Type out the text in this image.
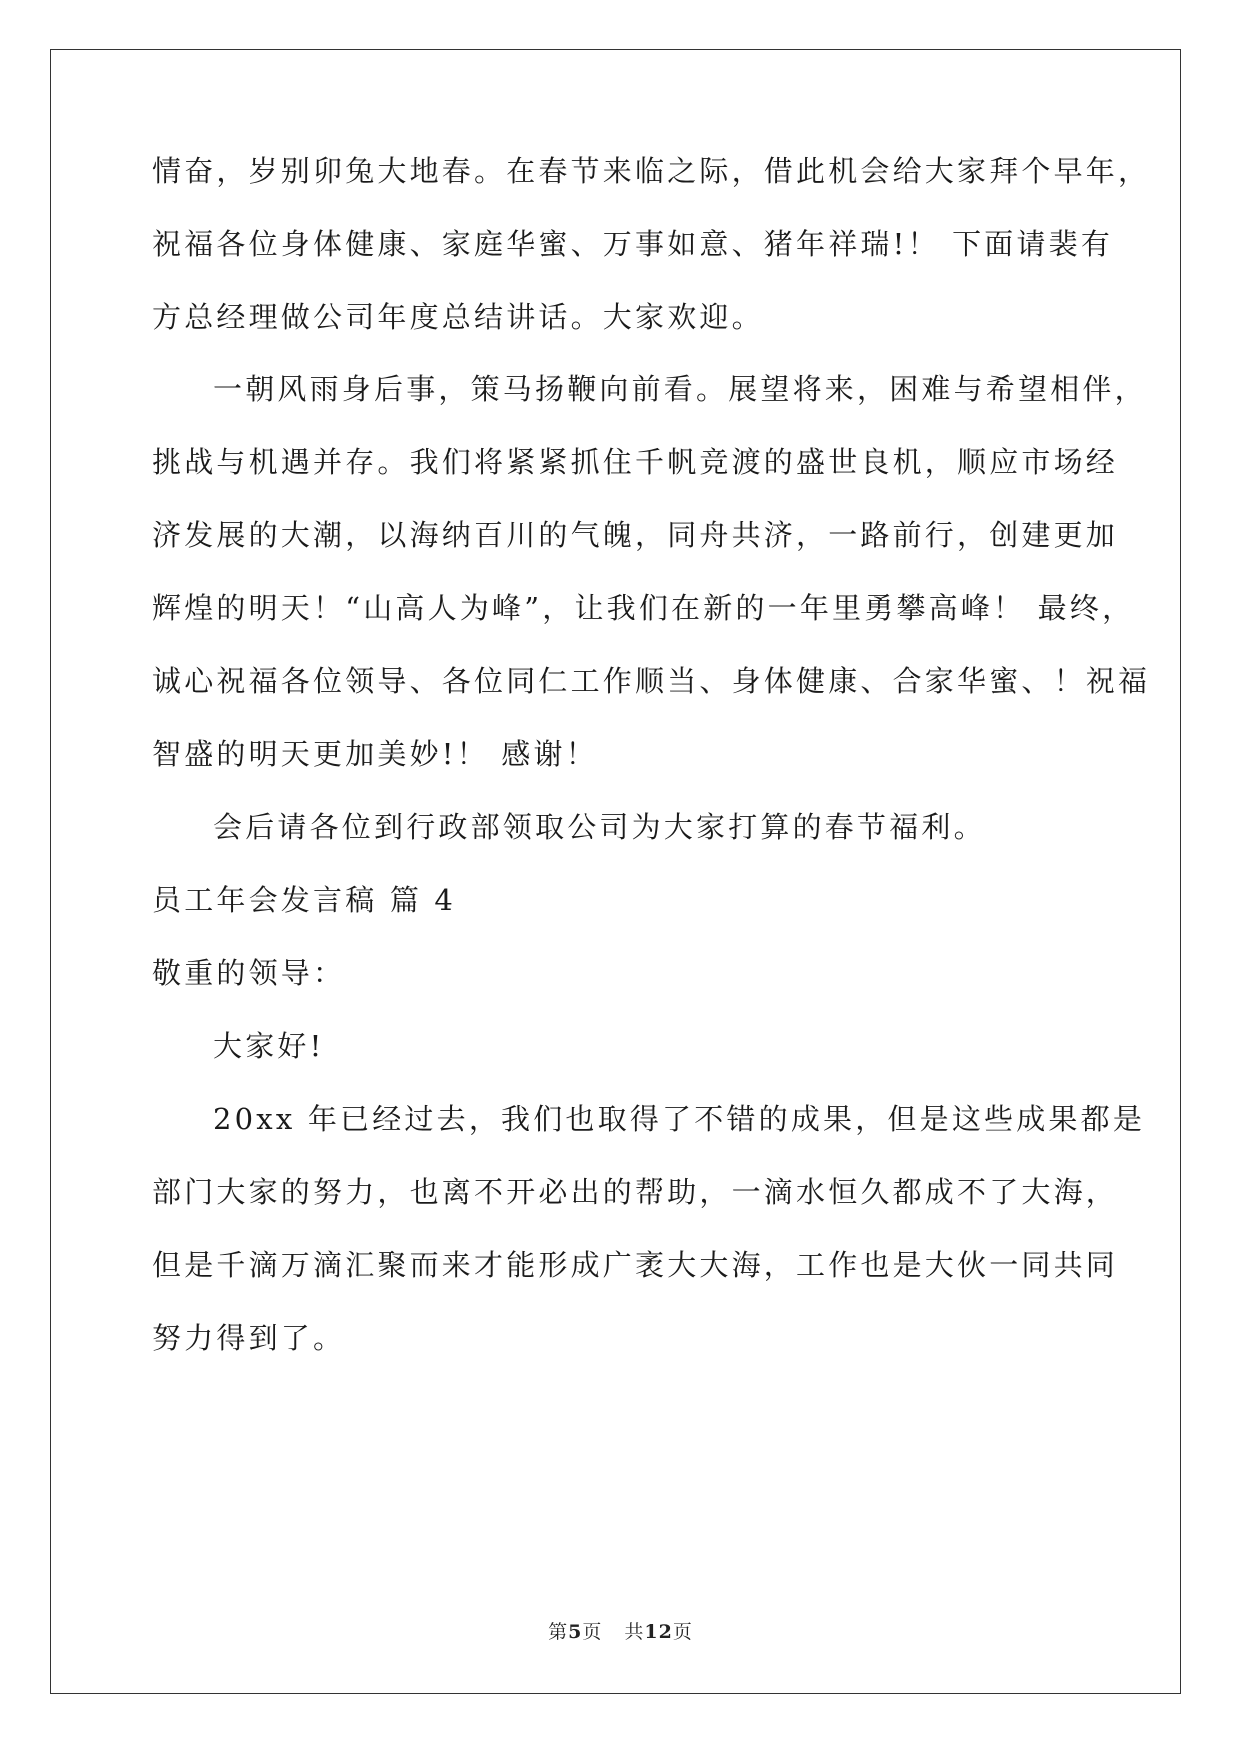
情奋，岁别卯兔大地春。在春节来临之际，借此机会给大家拜个早年，
祝福各位身体健康、家庭华蜜、万事如意、猪年祥瑞!！ 下面请裴有
方总经理做公司年度总结讲话。大家欢迎。
一朝风雨身后事，策马扬鞭向前看。展望将来，困难与希望相伴，
挑战与机遇并存。我们将紧紧抓住千帆竞渡的盛世良机，顺应市场经
济发展的大潮，以海纳百川的气魄，同舟共济，一路前行，创建更加
辉煌的明天！“山高人为峰”，让我们在新的一年里勇攀高峰！ 最终，
诚心祝福各位领导、各位同仁工作顺当、身体健康、合家华蜜、！祝福
智盛的明天更加美妙!！ 感谢！
会后请各位到行政部领取公司为大家打算的春节福利。
员工年会发言稿 篇 4
敬重的领导：
大家好!
20xx 年已经过去，我们也取得了不错的成果，但是这些成果都是
部门大家的努力，也离不开必出的帮助，一滴水恒久都成不了大海，
但是千滴万滴汇聚而来才能形成广袤大大海，工作也是大伙一同共同
努力得到了。
第5页 共12页
